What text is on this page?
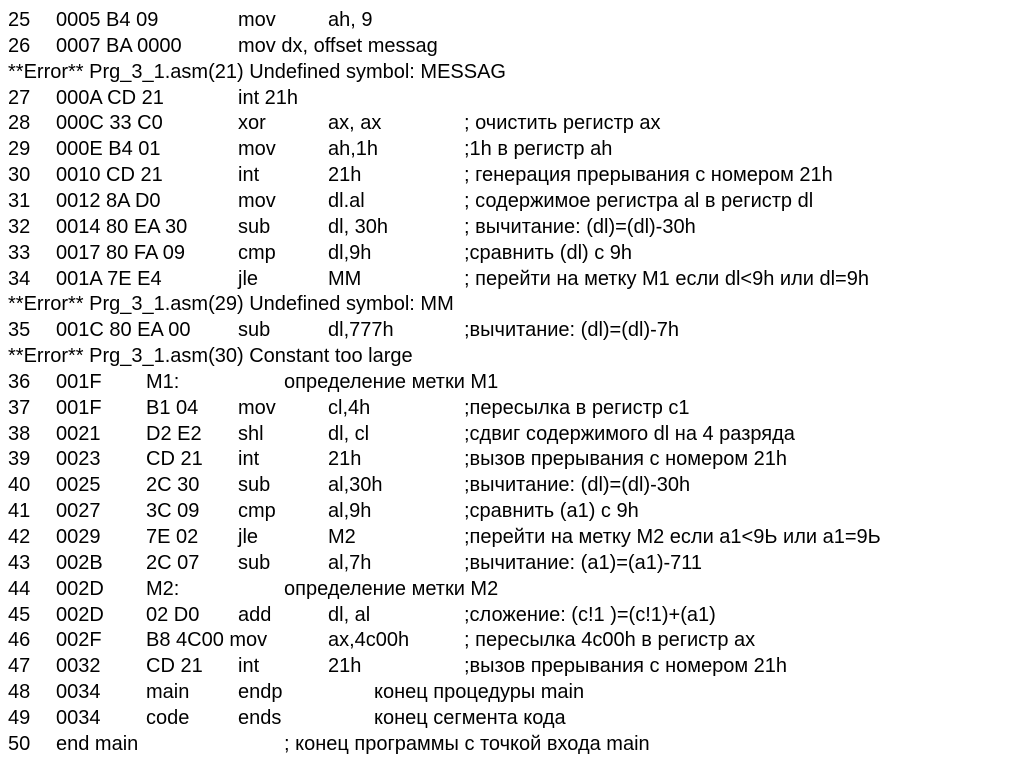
25 0005 B4 09	mov	ah, 9
26 0007 BA 0000	mov dx, offset messag
**Error** Prg_3_1.asm(21) Undefined symbol: MESSAG
27 000A CD 21	int 21h
28 000C 33 C0	xor	ax, ax	; очистить регистр ах
29 000E B4 01	mov	ah,1h	;1h в регистр ah
30 0010 CD 21	int	21h	; генерация прерывания с номером 21h
31 0012 8A D0	mov	dl.al	; содержимое регистра al в регистр dl
32 0014 80 EA 30	sub	dl, 30h	; вычитание: (dl)=(dl)-30h
33 0017 80 FA 09	cmp	dl,9h	;сравнить (dl) с 9h
34 001A 7E E4	jle	MM	; перейти на метку M1 если dl<9h или dl=9h
**Error** Prg_3_1.asm(29) Undefined symbol: MM
35 001C 80 EA 00 sub	dl,777h	;вычитание: (dl)=(dl)-7h
**Error** Prg_3_1.asm(30) Constant too large
36 001F M1:	определение метки M1
37 001F B1 04 mov	cl,4h	;пересылка в регистр с1
38 0021 D2 E2 shl	dl, cl	;сдвиг содержимого dl на 4 разряда
39 0023 CD 21 int	21h	;вызов прерывания с номером 21h
40 0025 2C 30 sub	al,30h	;вычитание: (dl)=(dl)-30h
41 0027 3C 09 cmp	al,9h	;сравнить (а1) с 9h
42 0029 7E 02 jle	M2	;перейти на метку М2 если а1<9Ь или а1=9Ь
43 002B 2C 07 sub	al,7h	;вычитание: (а1)=(а1)-711
44 002D M2:	определение метки M2
45 002D 02 D0 add	dl, al	;сложение: (с!1 )=(с!1)+(а1)
46 002F B8 4C00 mov	ax,4c00h	; пересылка 4c00h в регистр ах
47 0032 CD 21 int	21h	;вызов прерывания с номером 21h
48 0034 main endp	конец процедуры main
49 0034 code ends	конец сегмента кода
50 end main	; конец программы с точкой входа main
